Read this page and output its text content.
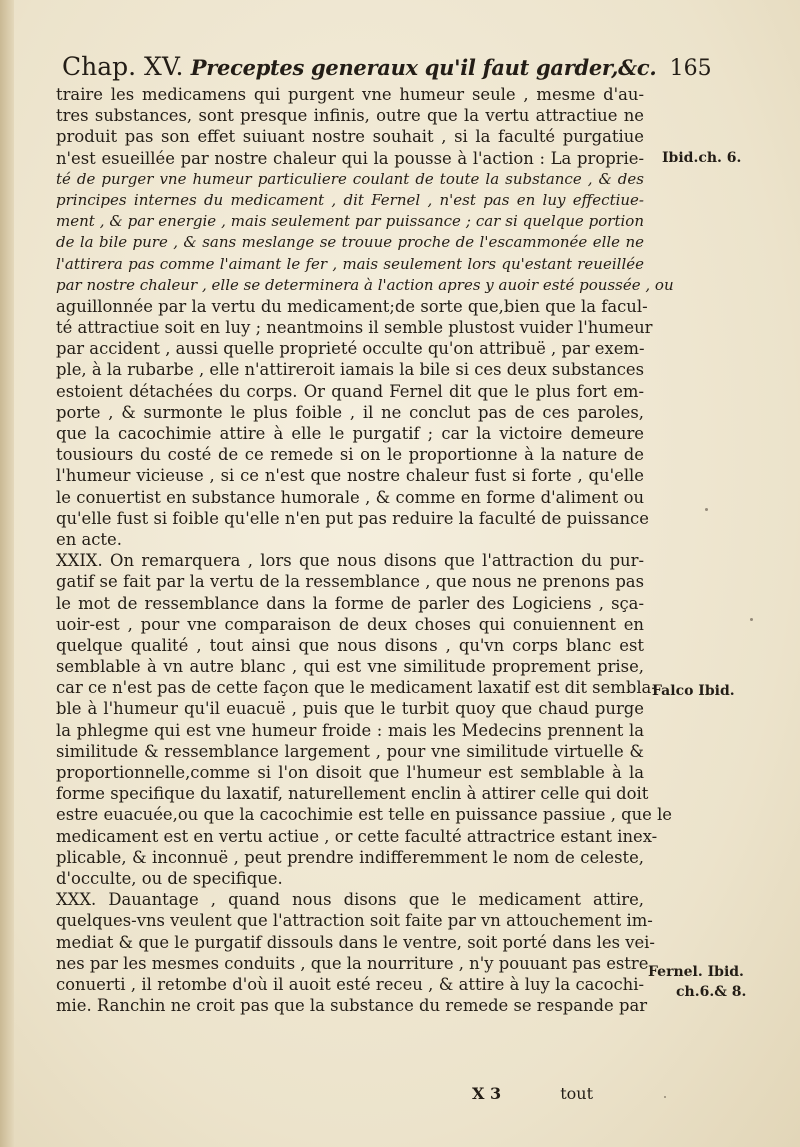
Chap. XV. Preceptes generaux qu'il faut garder,&c. 165
traire les medicamens qui purgent vne humeur seule , mesme d'au-
tres substances, sont presque infinis, outre que la vertu attractiue ne
produit pas son effet suiuant nostre souhait , si la faculté purgatiue
n'est esueillée par nostre chaleur qui la pousse à l'action : La proprie-
té de purger vne humeur particuliere coulant de toute la substance , & des
principes internes du medicament , dit Fernel , n'est pas en luy effectiue-
ment , & par energie , mais seulement par puissance ; car si quelque portion
de la bile pure , & sans meslange se trouue proche de l'escammonée elle ne
l'attirera pas comme l'aimant le fer , mais seulement lors qu'estant reueillée
par nostre chaleur , elle se determinera à l'action apres y auoir esté poussée , ou
aguillonnée par la vertu du medicament;de sorte que,bien que la facul-
té attractiue soit en luy ; neantmoins il semble plustost vuider l'humeur
par accident , aussi quelle proprieté occulte qu'on attribuë , par exem-
ple, à la rubarbe , elle n'attireroit iamais la bile si ces deux substances
estoient détachées du corps. Or quand Fernel dit que le plus fort em-
porte , & surmonte le plus foible , il ne conclut pas de ces paroles,
que la cacochimie attire à elle le purgatif ; car la victoire demeure
tousiours du costé de ce remede si on le proportionne à la nature de
l'humeur vicieuse , si ce n'est que nostre chaleur fust si forte , qu'elle
le conuertist en substance humorale , & comme en forme d'aliment ou
qu'elle fust si foible qu'elle n'en put pas reduire la faculté de puissance
en acte.
XXIX. On remarquera , lors que nous disons que l'attraction du pur-
gatif se fait par la vertu de la ressemblance , que nous ne prenons pas
le mot de ressemblance dans la forme de parler des Logiciens , sça-
uoir-est , pour vne comparaison de deux choses qui conuiennent en
quelque qualité , tout ainsi que nous disons , qu'vn corps blanc est
semblable à vn autre blanc , qui est vne similitude proprement prise,
car ce n'est pas de cette façon que le medicament laxatif est dit sembla-
ble à l'humeur qu'il euacuë , puis que le turbit quoy que chaud purge
la phlegme qui est vne humeur froide : mais les Medecins prennent la
similitude & ressemblance largement , pour vne similitude virtuelle &
proportionnelle,comme si l'on disoit que l'humeur est semblable à la
forme specifique du laxatif, naturellement enclin à attirer celle qui doit
estre euacuée,ou que la cacochimie est telle en puissance passiue , que le
medicament est en vertu actiue , or cette faculté attractrice estant inex-
plicable, & inconnuë , peut prendre indifferemment le nom de celeste,
d'occulte, ou de specifique.
XXX. Dauantage , quand nous disons que le medicament attire,
quelques-vns veulent que l'attraction soit faite par vn attouchement im-
mediat & que le purgatif dissouls dans le ventre, soit porté dans les vei-
nes par les mesmes conduits , que la nourriture , n'y pouuant pas estre
conuerti , il retombe d'où il auoit esté receu , & attire à luy la cacochi-
mie. Ranchin ne croit pas que la substance du remede se respande par
Ibid.ch. 6.
Falco Ibid.
Fernel. Ibid.
ch.6.& 8.
X 3	tout
